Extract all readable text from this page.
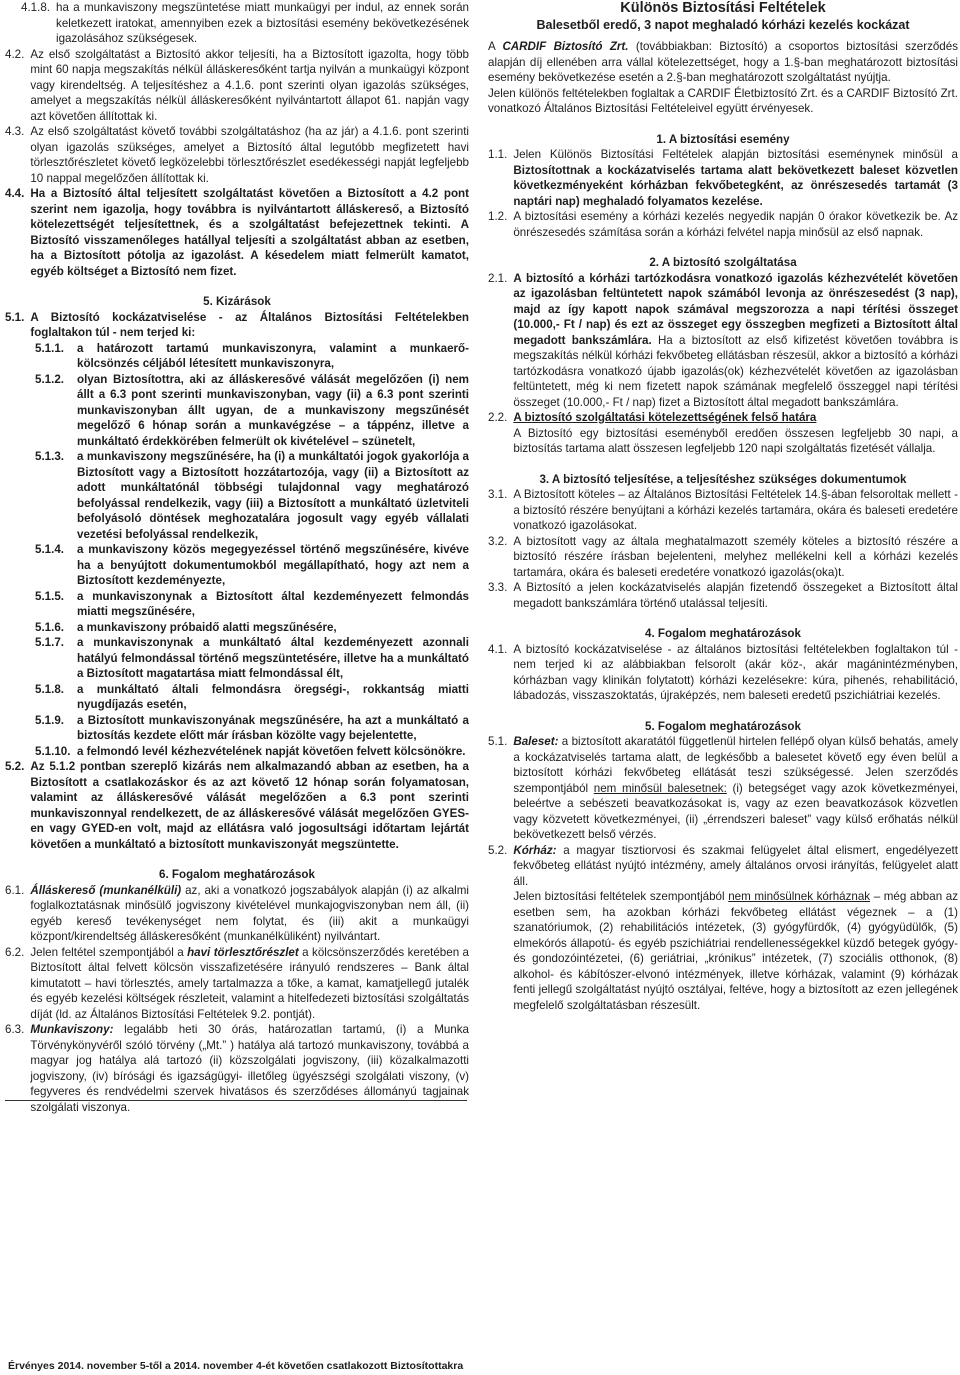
4.1.8. ha a munkaviszony megszüntetése miatt munkaügyi per indul, az ennek során keletkezett iratokat, amennyiben ezek a biztosítási esemény bekövetkezésének igazolásához szükségesek.
4.2. Az első szolgáltatást a Biztosító akkor teljesíti, ha a Biztosított igazolta, hogy több mint 60 napja megszakítás nélkül álláskeresőként tartja nyilván a munkaügyi központ vagy kirendeltség. A teljesítéshez a 4.1.6. pont szerinti olyan igazolás szükséges, amelyet a megszakítás nélkül álláskeresőként nyilvántartott állapot 61. napján vagy azt követően állítottak ki.
4.3. Az első szolgáltatást követő további szolgáltatáshoz (ha az jár) a 4.1.6. pont szerinti olyan igazolás szükséges, amelyet a Biztosító által legutóbb megfizetett havi törlesztőrészletet követő legközelebbi törlesztőrészlet esedékességi napját legfeljebb 10 nappal megelőzően állítottak ki.
4.4. Ha a Biztosító által teljesített szolgáltatást követően a Biztosított a 4.2 pont szerint nem igazolja, hogy továbbra is nyilvántartott álláskereső, a Biztosító kötelezettségét teljesítettnek, és a szolgáltatást befejezettnek tekinti. A Biztosító visszamenőleges hatállyal teljesíti a szolgáltatást abban az esetben, ha a Biztosított pótolja az igazolást. A késedelem miatt felmerült kamatot, egyéb költséget a Biztosító nem fizet.

5. Kizárások

5.1. A Biztosító kockázatviselése - az Általános Biztosítási Feltételekben foglaltakon túl - nem terjed ki:
5.1.1.	a határozott tartamú munkaviszonyra, valamint a munkaerő-kölcsönzés céljából létesített munkaviszonyra,
5.1.2.	olyan Biztosítottra, aki az álláskeresővé válását megelőzően (i) nem állt a 6.3 pont szerinti munkaviszonyban, vagy (ii) a 6.3 pont szerinti munkaviszonyban állt ugyan, de a munkaviszony megszűnését megelőző 6 hónap során a munkavégzése – a táppénz, illetve a munkáltató érdekkörében felmerült ok kivételével – szünetelt,
5.1.3.	a munkaviszony megszűnésére, ha (i) a munkáltatói jogok gyakorlója a Biztosított vagy a Biztosított hozzátartozója, vagy (ii) a Biztosított az adott munkáltatónál többségi tulajdonnal vagy meghatározó befolyással rendelkezik, vagy (iii) a Biztosított a munkáltató üzletviteli befolyásoló döntések meghozatalára jogosult vagy egyéb vállalati vezetési befolyással rendelkezik,
5.1.4.	a munkaviszony közös megegyezéssel történő megszűnésére, kivéve ha a benyújtott dokumentumokból megállapítható, hogy azt nem a Biztosított kezdeményezte,
5.1.5.	a munkaviszonynak a Biztosított által kezdeményezett felmondás miatti megszűnésére,
5.1.6.	a munkaviszony próbaidő alatti megszűnésére,
5.1.7.	a munkaviszonynak a munkáltató által kezdeményezett azonnali hatályú felmondással történő megszüntetésére, illetve ha a munkáltató a Biztosított magatartása miatt felmondással élt,
5.1.8.	a munkáltató általi felmondásra öregségi-, rokkantság miatti nyugdíjazás esetén,
5.1.9.	a Biztosított munkaviszonyának megszűnésére, ha azt a munkáltató a biztosítás kezdete előtt már írásban közölte vagy bejelentette,
5.1.10. a felmondó levél kézhezvételének napját követően felvett kölcsönökre.
5.2. Az 5.1.2 pontban szereplő kizárás nem alkalmazandó abban az esetben, ha a Biztosított a csatlakozáskor és az azt követő 12 hónap során folyamatosan, valamint az álláskeresővé válását megelőzően a 6.3 pont szerinti munkaviszonnyal rendelkezett, de az álláskeresővé válását megelőzően GYES-en vagy GYED-en volt, majd az ellátásra való jogosultsági időtartam lejártát követően a munkáltató a biztosított munkaviszonyát megszüntette.

6. Fogalom meghatározások

6.1. Álláskereső (munkanélküli) az, aki a vonatkozó jogszabályok alapján (i) az alkalmi foglalkoztatásnak minősülő jogviszony kivételével munkajogviszonyban nem áll, (ii) egyéb kereső tevékenységet nem folytat, és (iii) akit a munkaügyi központ/kirendeltség álláskeresőként (munkanélküliként) nyilvántart.
6.2. Jelen feltétel szempontjából a havi törlesztőrészlet a kölcsönszerződés keretében a Biztosított által felvett kölcsön visszafizetésére irányuló rendszeres – Bank által kimutatott – havi törlesztés, amely tartalmazza a tőke, a kamat, kamatjellegű jutalék és egyéb kezelési költségek részleteit, valamint a hitelfedezeti biztosítási szolgáltatás díját (ld. az Általános Biztosítási Feltételek 9.2. pontját).
6.3. Munkaviszony: legalább heti 30 órás, határozatlan tartamú, (i) a Munka Törvénykönyvéről szóló törvény („Mt.” ) hatálya alá tartozó munkaviszony, továbbá a magyar jog hatálya alá tartozó (ii) közszolgálati jogviszony, (iii) közalkalmazotti jogviszony, (iv) bírósági és igazságügyi- illetőleg ügyészségi szolgálati viszony, (v) fegyveres és rendvédelmi szervek hivatásos és szerződéses állományú tagjainak szolgálati viszonya.

Különös Biztosítási Feltételek

Balesetből eredő, 3 napot meghaladó kórházi kezelés kockázat

A CARDIF Biztosító Zrt. (továbbiakban: Biztosító) a csoportos biztosítási szerződés alapján díj ellenében arra vállal kötelezettséget, hogy a 1.§-ban meghatározott biztosítási esemény bekövetkezése esetén a 2.§-ban meghatározott szolgáltatást nyújtja.

Jelen különös feltételekben foglaltak a CARDIF Életbiztosító Zrt. és a CARDIF Biztosító Zrt. vonatkozó Általános Biztosítási Feltételeivel együtt érvényesek.

1. A biztosítási esemény

1.1. Jelen Különös Biztosítási Feltételek alapján biztosítási eseménynek minősül a Biztosítottnak a kockázatviselés tartama alatt bekövetkezett baleset közvetlen következményeként kórházban fekvőbetegként, az önrészesedés tartamát (3 naptári nap) meghaladó folyamatos kezelése.
1.2. A biztosítási esemény a kórházi kezelés negyedik napján 0 órakor következik be. Az önrészesedés számítása során a kórházi felvétel napja minősül az első napnak.

2. A biztosító szolgáltatása

2.1. A biztosító a kórházi tartózkodásra vonatkozó igazolás kézhezvételét követően az igazolásban feltüntetett napok számából levonja az önrészesedést (3 nap), majd az így kapott napok számával megszorozza a napi térítési összeget (10.000,- Ft / nap) és ezt az összeget egy összegben megfizeti a Biztosított által megadott bankszámlára. Ha a biztosított az első kifizetést követően továbbra is megszakítás nélkül kórházi fekvőbeteg ellátásban részesül, akkor a biztosító a kórházi tartózkodásra vonatkozó újabb igazolás(ok) kézhezvételét követően az igazolásban feltüntetett, még ki nem fizetett napok számának megfelelő összeggel napi térítési összeget (10.000,- Ft / nap) fizet a Biztosított által megadott bankszámlára.
2.2. A biztosító szolgáltatási kötelezettségének felső határa
A Biztosító egy biztosítási eseményből eredően összesen legfeljebb 30 napi, a biztosítás tartama alatt összesen legfeljebb 120 napi szolgáltatás fizetését vállalja.

3. A biztosító teljesítése, a teljesítéshez szükséges dokumentumok

3.1. A Biztosított köteles – az Általános Biztosítási Feltételek 14.§-ában felsoroltak mellett - a biztosító részére benyújtani a kórházi kezelés tartamára, okára és baleseti eredetére vonatkozó igazolásokat.
3.2. A biztosított vagy az általa meghatalmazott személy köteles a biztosító részére a biztosító részére írásban bejelenteni, melyhez mellékelni kell a kórházi kezelés tartamára, okára és baleseti eredetére vonatkozó igazolás(oka)t.
3.3. A Biztosító a jelen kockázatviselés alapján fizetendő összegeket a Biztosított által megadott bankszámlára történő utalással teljesíti.

4. Fogalom meghatározások

4.1. A biztosító kockázatviselése - az általános biztosítási feltételekben foglaltakon túl - nem terjed ki az alábbiakban felsorolt (akár köz-, akár magánintézményben, kórházban vagy klinikán folytatott) kórházi kezelésekre: kúra, pihenés, rehabilitáció, lábadozás, visszaszoktatás, újraképzés, nem baleseti eredetű pszichiátriai kezelés.

5. Fogalom meghatározások

5.1. Baleset: a biztosított akaratától függetlenül hirtelen fellépő olyan külső behatás, amely a kockázatviselés tartama alatt, de legkésőbb a balesetet követő egy éven belül a biztosított kórházi fekvőbeteg ellátását teszi szükségessé. Jelen szerződés szempontjából nem minősül balesetnek: (i) betegséget vagy azok következményei, beleértve a sebészeti beavatkozásokat is, vagy az ezen beavatkozások közvetlen vagy közvetett következményei, (ii) „érrendszeri baleset” vagy külső erőhatás nélkül bekövetkezett belső vérzés.
5.2. Kórház: a magyar tisztiorvosi és szakmai felügyelet által elismert, engedélyezett fekvőbeteg ellátást nyújtó intézmény, amely általános orvosi irányítás, felügyelet alatt áll.
Jelen biztosítási feltételek szempontjából nem minősülnek kórháznak – még abban az esetben sem, ha azokban kórházi fekvőbeteg ellátást végeznek – a (1) szanatóriumok, (2) rehabilitációs intézetek, (3) gyógyfürdők, (4) gyógyüdülők, (5) elmekórós állapotú- és egyéb pszichiátriai rendellenességekkel küzdő betegek gyógy- és gondozóintézetei, (6) geriátriai, „krónikus” intézetek, (7) szociális otthonok, (8) alkohol- és kábítószer-elvonó intézmények, illetve kórházak, valamint (9) kórházak fenti jellegű szolgáltatást nyújtó osztályai, feltéve, hogy a biztosított az ezen jellegének megfelelő szolgáltatásban részesült.
Érvényes 2014. november 5-től a 2014. november 4-ét követően csatlakozott Biztosítottakra
